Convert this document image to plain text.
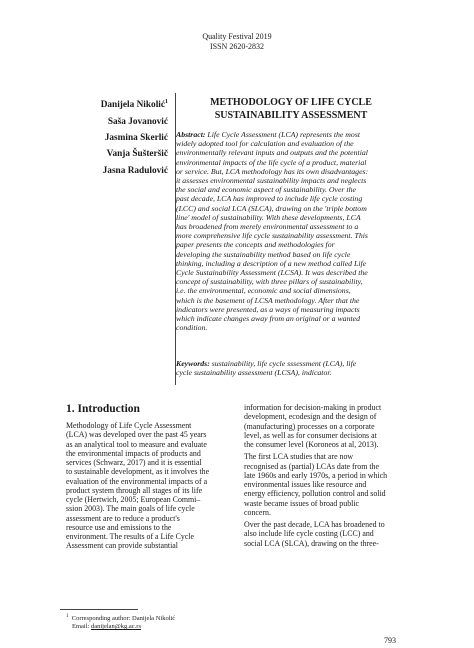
Quality Festival 2019
ISSN 2620-2832
Danijela Nikolić$^1$
Saša Jovanović
Jasmina Skerlić
Vanja Šušteršič
Jasna Radulović
METHODOLOGY OF LIFE CYCLE
SUSTAINABILITY ASSESSMENT
Abstract: Life Cycle Assessment (LCA) represents the most
widely adopted tool for calculation and evaluation of the
environmentally relevant inputs and outputs and the potential
environmental impacts of the life cycle of a product, material
or service. But, LCA methodology has its own disadvantages:
it assesses environmental sustainability impacts and neglects
the social and economic aspect of sustainability. Over the
past decade, LCA has improved to include life cycle costing
(LCC) and social LCA (SLCA), drawing on the 'triple bottom
line' model of sustainability. With these developments, LCA
has broadened from merely environmental assessment to a
more comprehensive life cycle sustainability assessment. This
paper presents the concepts and methodologies for
developing the sustainability method based on life cycle
thinking, including a description of a new method called Life
Cycle Sustainability Assessment (LCSA). It was described the
concept of sustainability, with three pillars of sustainability,
i.e. the environmental, economic and social dimensions,
which is the basement of LCSA methodology. After that the
indicators were presented, as a ways of measuring impacts
which indicate changes away from an original or a wanted
condition.
Keywords: sustainability, life cycle sssessment (LCA), life
cycle sustainability assessment (LCSA), indicator.
1. Introduction
Methodology of Life Cycle Assessment
(LCA) was developed over the past 45 years
as an analytical tool to measure and evaluate
the environmental impacts of products and
services (Schwarz, 2017) and it is essential
to sustainable development, as it involves the
evaluation of the environmental impacts of a
product system through all stages of its life
cycle (Hertwich, 2005; European Commi–
ssion 2003). The main goals of life cycle
assessment are to reduce a product's
resource use and emissions to the
environment. The results of a Life Cycle
Assessment can provide substantial
information for decision-making in product
development, ecodesign and the design of
(manufacturing) processes on a corporate
level, as well as for consumer decisions at
the consumer level (Koroneos at al, 2013).
The first LCA studies that are now
recognised as (partial) LCAs date from the
late 1960s and early 1970s, a period in which
environmental issues like resource and
energy efficiency, pollution control and solid
waste became issues of broad public
concern.
Over the past decade, LCA has broadened to
also include life cycle costing (LCC) and
social LCA (SLCA), drawing on the three-
$^1$ Corresponding author: Danijela Nikolić
Email: danijelan@kg.ac.rs
793
